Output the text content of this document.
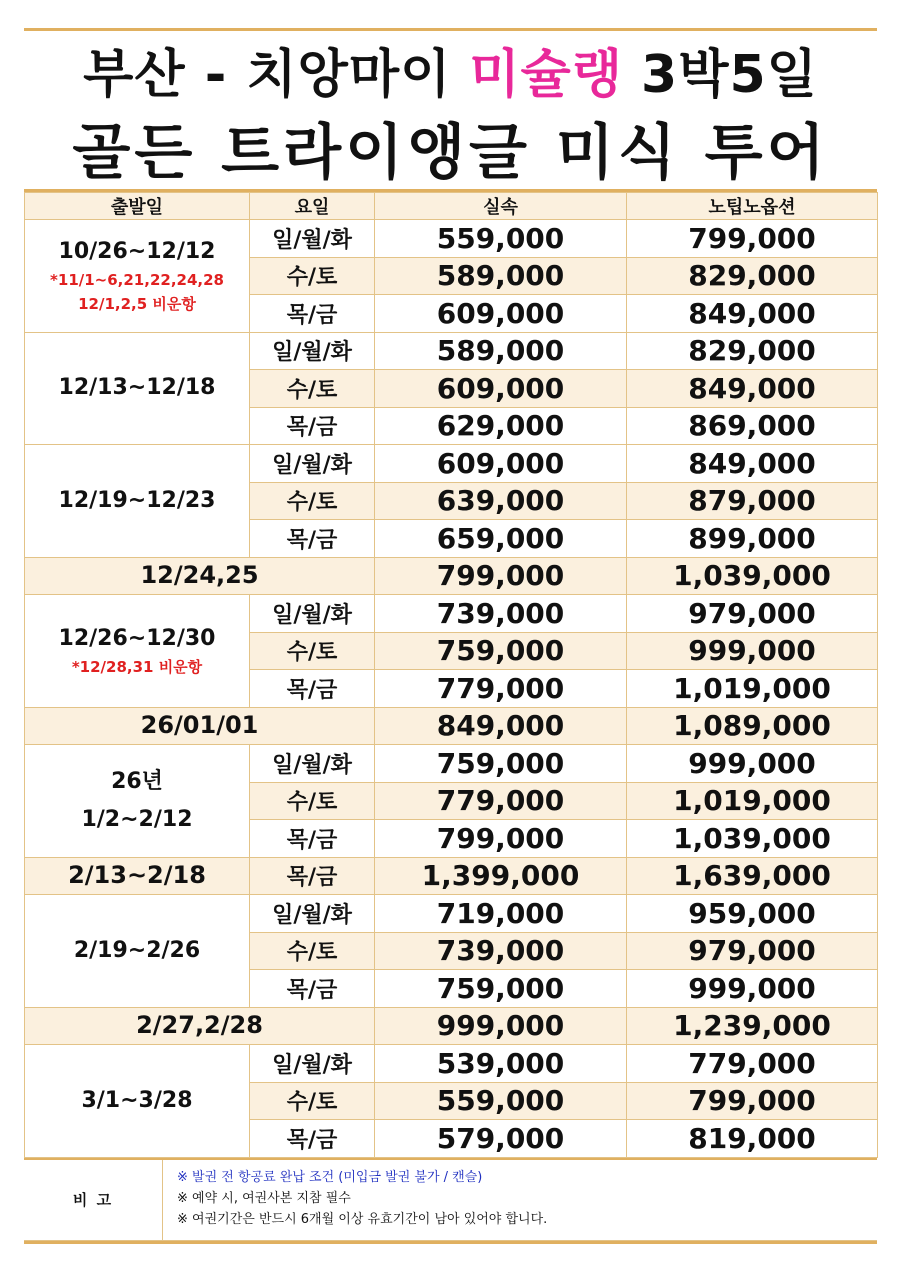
부산 - 치앙마이 미슐랭 3박5일
골든 트라이앵글 미식 투어
출발일	요일	실속	노팁노옵션

10/26~12/12
*11/1~6,21,22,24,28
12/1,2,5 비운항	일/월/화	559,000	799,000
	수/토	589,000	829,000
	목/금	609,000	849,000

12/13~12/18	일/월/화	589,000	829,000
	수/토	609,000	849,000
	목/금	629,000	869,000

12/19~12/23	일/월/화	609,000	849,000
	수/토	639,000	879,000
	목/금	659,000	899,000
12/24,25		799,000	1,039,000

12/26~12/30
*12/28,31 비운항	일/월/화	739,000	979,000
	수/토	759,000	999,000
	목/금	779,000	1,019,000
26/01/01		849,000	1,089,000

26년
1/2~2/12	일/월/화	759,000	999,000
	수/토	779,000	1,019,000
	목/금	799,000	1,039,000
2/13~2/18	목/금	1,399,000	1,639,000

2/19~2/26	일/월/화	719,000	959,000
	수/토	739,000	979,000
	목/금	759,000	999,000
2/27,2/28		999,000	1,239,000

3/1~3/28	일/월/화	539,000	779,000
	수/토	559,000	799,000
	목/금	579,000	819,000
비 고	
※ 발권 전 항공료 완납 조건 (미입금 발권 불가 / 캔슬)
※ 예약 시, 여권사본 지참 필수
※ 여권기간은 반드시 6개월 이상 유효기간이 남아 있어야 합니다.
